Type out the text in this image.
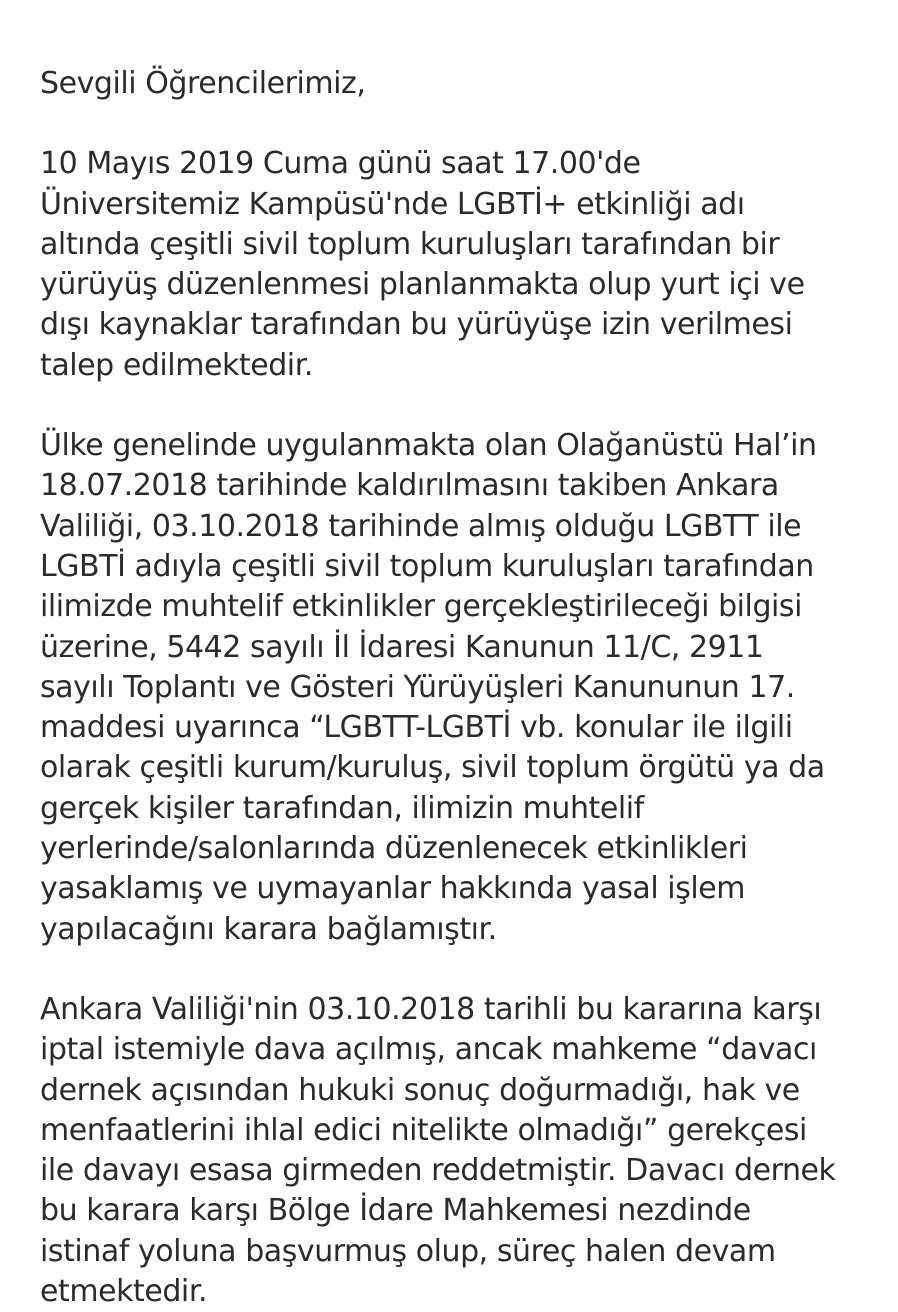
Sevgili Öğrencilerimiz,
10 Mayıs 2019 Cuma günü saat 17.00'de
Üniversitemiz Kampüsü'nde LGBTİ+ etkinliği adı
altında çeşitli sivil toplum kuruluşları tarafından bir
yürüyüş düzenlenmesi planlanmakta olup yurt içi ve
dışı kaynaklar tarafından bu yürüyüşe izin verilmesi
talep edilmektedir.
Ülke genelinde uygulanmakta olan Olağanüstü Hal’in
18.07.2018 tarihinde kaldırılmasını takiben Ankara
Valiliği, 03.10.2018 tarihinde almış olduğu LGBTT ile
LGBTİ adıyla çeşitli sivil toplum kuruluşları tarafından
ilimizde muhtelif etkinlikler gerçekleştirileceği bilgisi
üzerine, 5442 sayılı İl İdaresi Kanunun 11/C, 2911
sayılı Toplantı ve Gösteri Yürüyüşleri Kanununun 17.
maddesi uyarınca “LGBTT-LGBTİ vb. konular ile ilgili
olarak çeşitli kurum/kuruluş, sivil toplum örgütü ya da
gerçek kişiler tarafından, ilimizin muhtelif
yerlerinde/salonlarında düzenlenecek etkinlikleri
yasaklamış ve uymayanlar hakkında yasal işlem
yapılacağını karara bağlamıştır.
Ankara Valiliği'nin 03.10.2018 tarihli bu kararına karşı
iptal istemiyle dava açılmış, ancak mahkeme “davacı
dernek açısından hukuki sonuç doğurmadığı, hak ve
menfaatlerini ihlal edici nitelikte olmadığı” gerekçesi
ile davayı esasa girmeden reddetmiştir. Davacı dernek
bu karara karşı Bölge İdare Mahkemesi nezdinde
istinaf yoluna başvurmuş olup, süreç halen devam
etmektedir.
